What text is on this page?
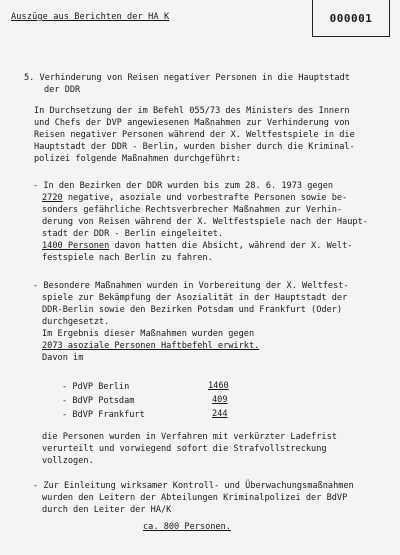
Auszüge aus Berichten der HA K	000001
5. Verhinderung von Reisen negativer Personen in die Hauptstadt
der DDR
In Durchsetzung der im Befehl 055/73 des Ministers des Innern
und Chefs der DVP angewiesenen Maßnahmen zur Verhinderung von
Reisen negativer Personen während der X. Weltfestspiele in die
Hauptstadt der DDR - Berlin, wurden bisher durch die Kriminal-
polizei folgende Maßnahmen durchgeführt:
- In den Bezirken der DDR wurden bis zum 28. 6. 1973 gegen
2720 negative, asoziale und vorbestrafte Personen sowie be-
sonders gefährliche Rechtsverbrecher Maßnahmen zur Verhin-
derung von Reisen während der X. Weltfestspiele nach der Haupt-
stadt der DDR - Berlin eingeleitet.
1400 Personen davon hatten die Absicht, während der X. Welt-
festspiele nach Berlin zu fahren.
- Besondere Maßnahmen wurden in Vorbereitung der X. Weltfest-
spiele zur Bekämpfung der Asozialität in der Hauptstadt der
DDR-Berlin sowie den Bezirken Potsdam und Frankfurt (Oder)
durchgesetzt.
Im Ergebnis dieser Maßnahmen wurden gegen
2073 asoziale Personen Haftbefehl erwirkt.
Davon im
- PdVP Berlin	1460
- BdVP Potsdam	409
- BdVP Frankfurt	244
die Personen wurden in Verfahren mit verkürzter Ladefrist
verurteilt und vorwiegend sofort die Strafvollstreckung
vollzogen.
- Zur Einleitung wirksamer Kontroll- und Überwachungsmaßnahmen
wurden den Leitern der Abteilungen Kriminalpolizei der BdVP
durch den Leiter der HA/K
ca. 800 Personen.
